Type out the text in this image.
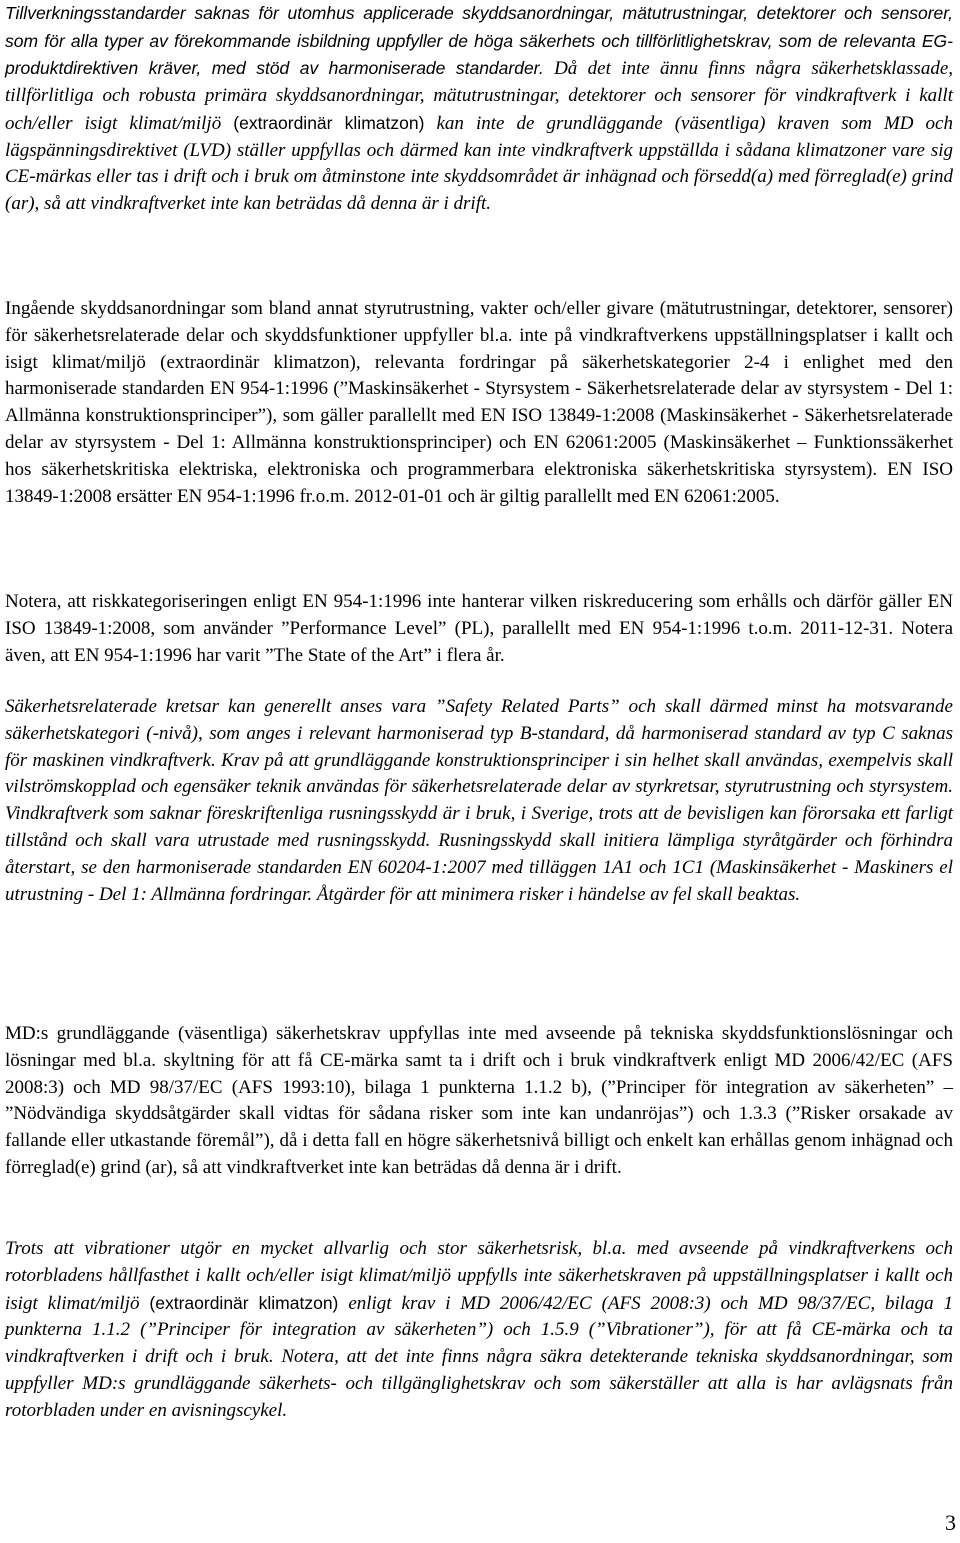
Tillverkningsstandarder saknas för utomhus applicerade skyddsanordningar, mätutrustningar, detektorer och sensorer, som för alla typer av förekommande isbildning uppfyller de höga säkerhets och tillförlitlighetskrav, som de relevanta EG-produktdirektiven kräver, med stöd av harmoniserade standarder. Då det inte ännu finns några säkerhetsklassade, tillförlitliga och robusta primära skyddsanordningar, mätutrustningar, detektorer och sensorer för vindkraftverk i kallt och/eller isigt klimat/miljö (extraordinär klimatzon) kan inte de grundläggande (väsentliga) kraven som MD och lägspänningsdirektivet (LVD) ställer uppfyllas och därmed kan inte vindkraftverk uppställda i sådana klimatzoner vare sig CE-märkas eller tas i drift och i bruk om åtminstone inte skyddsområdet är inhägnad och försedd(a) med förreglad(e) grind (ar), så att vindkraftverket inte kan beträdas då denna är i drift.

Ingående skyddsanordningar som bland annat styrutrustning, vakter och/eller givare (mätutrustningar, detektorer, sensorer) för säkerhetsrelaterade delar och skyddsfunktioner uppfyller bl.a. inte på vindkraftverkens uppställningsplatser i kallt och isigt klimat/miljö (extraordinär klimatzon), relevanta fordringar på säkerhetskategorier 2-4 i enlighet med den harmoniserade standarden EN 954-1:1996 (”Maskinsäkerhet - Styrsystem - Säkerhetsrelaterade delar av styrsystem - Del 1: Allmänna konstruktionsprinciper”), som gäller parallellt med EN ISO 13849-1:2008 (Maskinsäkerhet - Säkerhetsrelaterade delar av styrsystem - Del 1: Allmänna konstruktionsprinciper) och EN 62061:2005 (Maskinsäkerhet – Funktionssäkerhet hos säkerhetskritiska elektriska, elektroniska och programmerbara elektroniska säkerhetskritiska styrsystem). EN ISO 13849-1:2008 ersätter EN 954-1:1996 fr.o.m. 2012-01-01 och är giltig parallellt med EN 62061:2005.

Notera, att riskkategoriseringen enligt EN 954-1:1996 inte hanterar vilken riskreducering som erhålls och därför gäller EN ISO 13849-1:2008, som använder ”Performance Level” (PL), parallellt med EN 954-1:1996 t.o.m. 2011-12-31. Notera även, att EN 954-1:1996 har varit ”The State of the Art” i flera år.

Säkerhetsrelaterade kretsar kan generellt anses vara ”Safety Related Parts” och skall därmed minst ha motsvarande säkerhetskategori (-nivå), som anges i relevant harmoniserad typ B-standard, då harmoniserad standard av typ C saknas för maskinen vindkraftverk. Krav på att grundläggande konstruktionsprinciper i sin helhet skall användas, exempelvis skall vilströmskopplad och egensäker teknik användas för säkerhetsrelaterade delar av styrkretsar, styrutrustning och styrsystem. Vindkraftverk som saknar föreskriftenliga rusningsskydd är i bruk, i Sverige, trots att de bevisligen kan förorsaka ett farligt tillstånd och skall vara utrustade med rusningsskydd. Rusningsskydd skall initiera lämpliga styråtgärder och förhindra återstart, se den harmoniserade standarden EN 60204-1:2007 med tilläggen 1A1 och 1C1 (Maskinsäkerhet - Maskiners el utrustning - Del 1: Allmänna fordringar. Åtgärder för att minimera risker i händelse av fel skall beaktas.

MD:s grundläggande (väsentliga) säkerhetskrav uppfyllas inte med avseende på tekniska skyddsfunktionslösningar och lösningar med bl.a. skyltning för att få CE-märka samt ta i drift och i bruk vindkraftverk enligt MD 2006/42/EC (AFS 2008:3) och MD 98/37/EC (AFS 1993:10), bilaga 1 punkterna 1.1.2 b), (”Principer för integration av säkerheten” – ”Nödvändiga skyddsåtgärder skall vidtas för sådana risker som inte kan undanröjas”) och 1.3.3 (”Risker orsakade av fallande eller utkastande föremål”), då i detta fall en högre säkerhetsnivå billigt och enkelt kan erhållas genom inhägnad och förreglad(e) grind (ar), så att vindkraftverket inte kan beträdas då denna är i drift.

Trots att vibrationer utgör en mycket allvarlig och stor säkerhetsrisk, bl.a. med avseende på vindkraftverkens och rotorbladens hållfasthet i kallt och/eller isigt klimat/miljö uppfylls inte säkerhetskraven på uppställningsplatser i kallt och isigt klimat/miljö (extraordinär klimatzon) enligt krav i MD 2006/42/EC (AFS 2008:3) och MD 98/37/EC, bilaga 1 punkterna 1.1.2 (”Principer för integration av säkerheten”) och 1.5.9 (”Vibrationer”), för att få CE-märka och ta vindkraftverken i drift och i bruk. Notera, att det inte finns några säkra detekterande tekniska skyddsanordningar, som uppfyller MD:s grundläggande säkerhets- och tillgänglighetskrav och som säkerställer att alla is har avlägsnats från rotorbladen under en avisningscykel.

3
